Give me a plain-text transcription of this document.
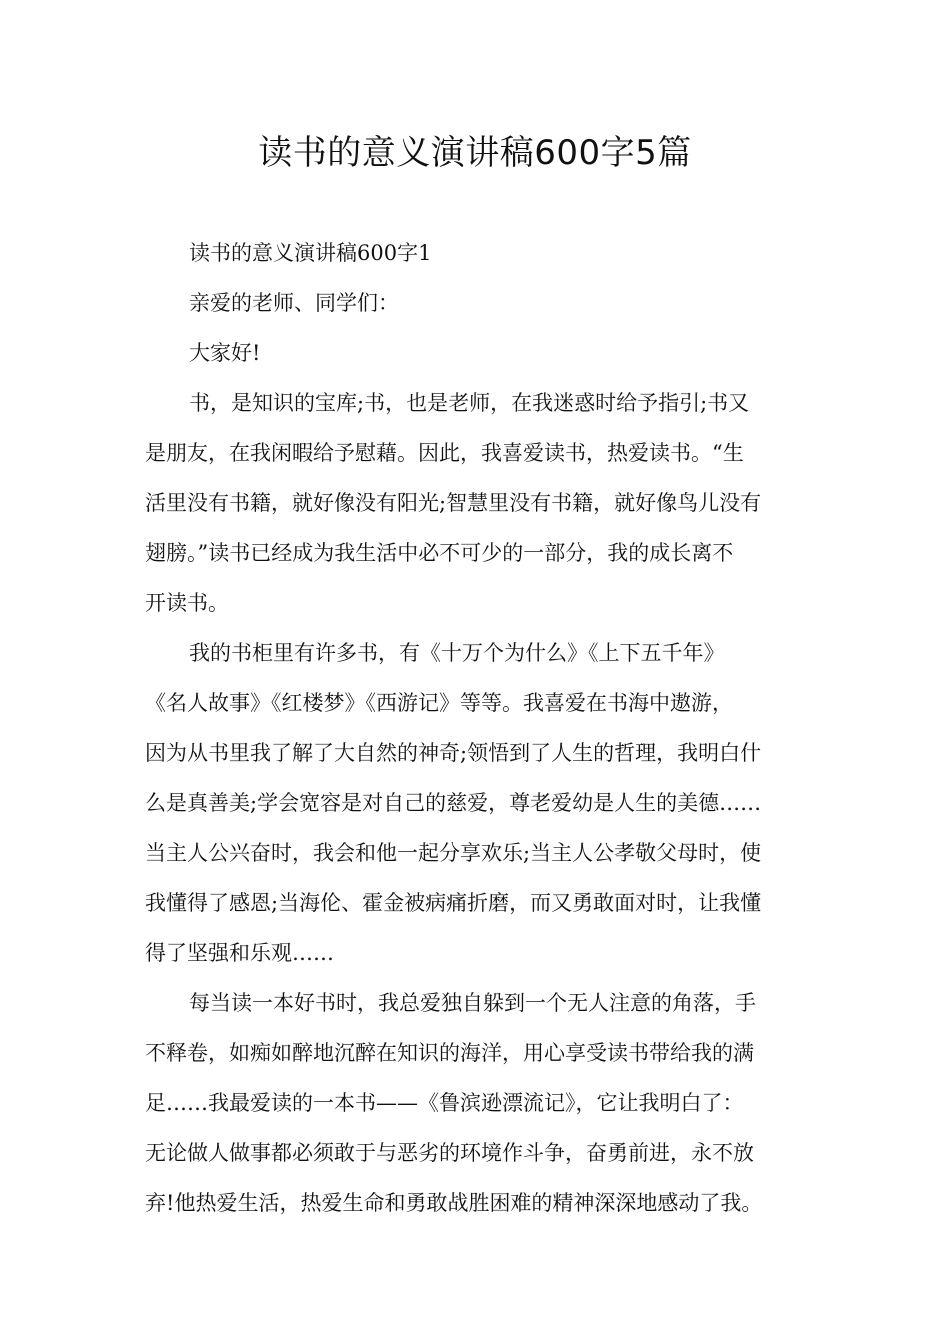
读书的意义演讲稿600字5篇
读书的意义演讲稿600字1
亲爱的老师、同学们：
大家好!
书，是知识的宝库;书，也是老师，在我迷惑时给予指引;书又
是朋友，在我闲暇给予慰藉。因此，我喜爱读书，热爱读书。“生
活里没有书籍，就好像没有阳光;智慧里没有书籍，就好像鸟儿没有
翅膀。”读书已经成为我生活中必不可少的一部分，我的成长离不
开读书。
我的书柜里有许多书，有《十万个为什么》《上下五千年》
《名人故事》《红楼梦》《西游记》等等。我喜爱在书海中遨游，
因为从书里我了解了大自然的神奇;领悟到了人生的哲理，我明白什
么是真善美;学会宽容是对自己的慈爱，尊老爱幼是人生的美德……
当主人公兴奋时，我会和他一起分享欢乐;当主人公孝敬父母时，使
我懂得了感恩;当海伦、霍金被病痛折磨，而又勇敢面对时，让我懂
得了坚强和乐观……
每当读一本好书时，我总爱独自躲到一个无人注意的角落，手
不释卷，如痴如醉地沉醉在知识的海洋，用心享受读书带给我的满
足……我最爱读的一本书——《鲁滨逊漂流记》，它让我明白了：
无论做人做事都必须敢于与恶劣的环境作斗争，奋勇前进，永不放
弃!他热爱生活，热爱生命和勇敢战胜困难的精神深深地感动了我。
